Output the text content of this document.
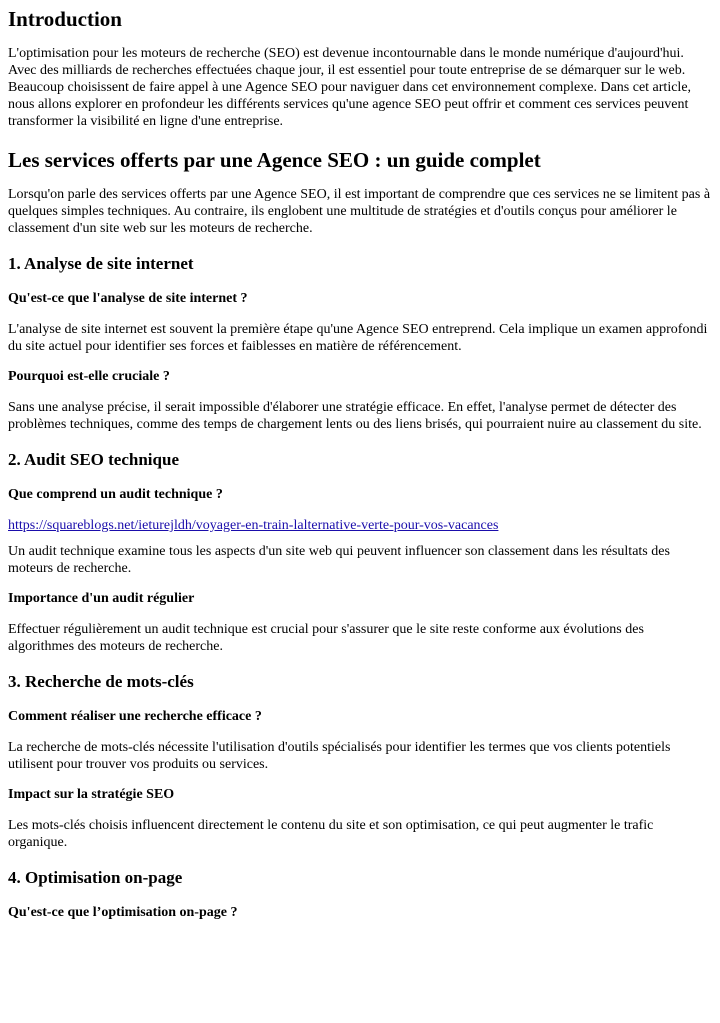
Introduction

L'optimisation pour les moteurs de recherche (SEO) est devenue incontournable dans le monde numérique d'aujourd'hui. Avec des milliards de recherches effectuées chaque jour, il est essentiel pour toute entreprise de se démarquer sur le web. Beaucoup choisissent de faire appel à une Agence SEO pour naviguer dans cet environnement complexe. Dans cet article, nous allons explorer en profondeur les différents services qu'une agence SEO peut offrir et comment ces services peuvent transformer la visibilité en ligne d'une entreprise.

Les services offerts par une Agence SEO : un guide complet

Lorsqu'on parle des services offerts par une Agence SEO, il est important de comprendre que ces services ne se limitent pas à quelques simples techniques. Au contraire, ils englobent une multitude de stratégies et d'outils conçus pour améliorer le classement d'un site web sur les moteurs de recherche.

1. Analyse de site internet
Qu'est-ce que l'analyse de site internet ?

L'analyse de site internet est souvent la première étape qu'une Agence SEO entreprend. Cela implique un examen approfondi du site actuel pour identifier ses forces et faiblesses en matière de référencement.

Pourquoi est-elle cruciale ?

Sans une analyse précise, il serait impossible d'élaborer une stratégie efficace. En effet, l'analyse permet de détecter des problèmes techniques, comme des temps de chargement lents ou des liens brisés, qui pourraient nuire au classement du site.

2. Audit SEO technique
Que comprend un audit technique ?

https://squareblogs.net/ieturejldh/voyager-en-train-lalternative-verte-pour-vos-vacances

Un audit technique examine tous les aspects d'un site web qui peuvent influencer son classement dans les résultats des moteurs de recherche.

Importance d'un audit régulier

Effectuer régulièrement un audit technique est crucial pour s'assurer que le site reste conforme aux évolutions des algorithmes des moteurs de recherche.

3. Recherche de mots-clés
Comment réaliser une recherche efficace ?

La recherche de mots-clés nécessite l'utilisation d'outils spécialisés pour identifier les termes que vos clients potentiels utilisent pour trouver vos produits ou services.

Impact sur la stratégie SEO

Les mots-clés choisis influencent directement le contenu du site et son optimisation, ce qui peut augmenter le trafic organique.

4. Optimisation on-page
Qu'est-ce que l’optimisation on-page ?
